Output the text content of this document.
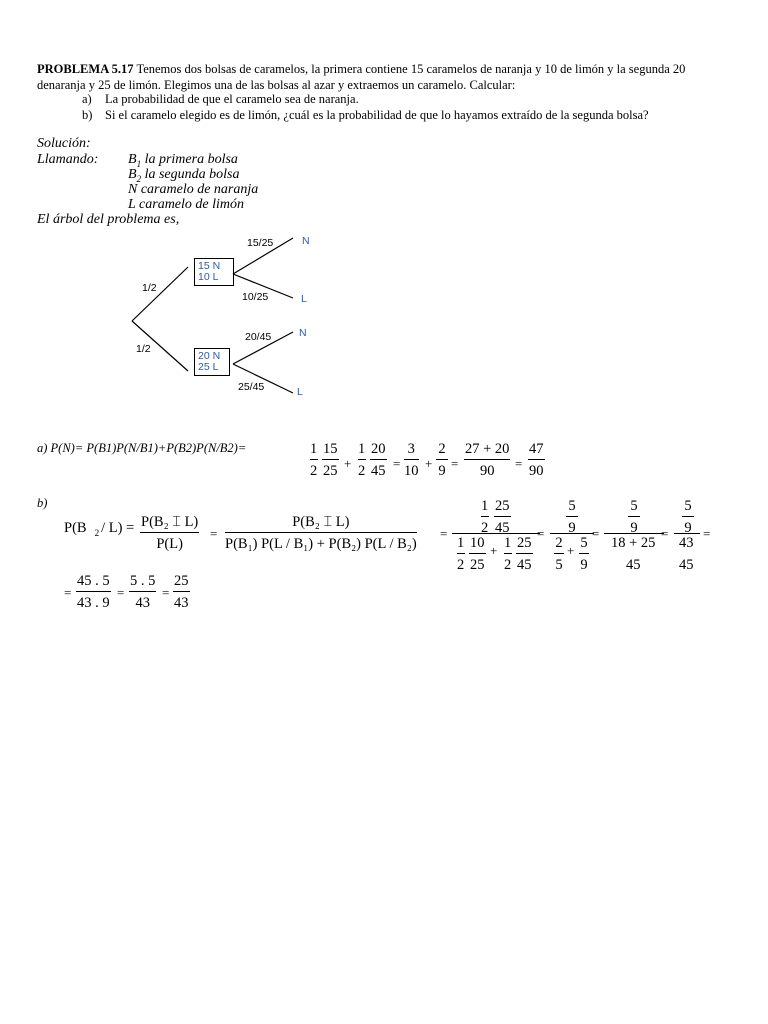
PROBLEMA 5.17 Tenemos dos bolsas de caramelos, la primera contiene 15 caramelos de naranja y 10 de limón y la segunda 20 denaranja y 25 de limón. Elegimos una de las bolsas al azar y extraemos un caramelo. Calcular:
a)	La probabilidad de que el caramelo sea de naranja.
b)	Si el caramelo elegido es de limón, ¿cuál es la probabilidad de que lo hayamos extraído de la segunda bolsa?
Solución:
Llamando: $B_1$ la primera bolsa
$B_2$ la segunda bolsa
N caramelo de naranja
L caramelo de limón
El árbol del problema es,
1/2
1/2
15 N
10 L
20 N
25 L
15/25
10/25
20/45
25/45
N
L
N
L
a) P(N)= P(B1)P(N/B1)+P(B2)P(N/B2)=	1
2
15
25 +
1
2
20
45 =
3
10 +
2
9 =
27 + 20
90 =
47
90
b)
P(B $_2$ / L) = P(B₂ ⌶ L)
P(L)
=
P(B₂ ⌶ L)
P(B₁) P(L / B₁) + P(B₂) P(L / B₂)
=
1
2
25
45
1
2
10
25
+ 1
2
25
45
=
5
9
2
5
+ 5
9
=
5
9
18 + 25
45
=
5
9
43
45
=
=
45 . 5
43 . 9
=
5 . 5
43
=
25
43
